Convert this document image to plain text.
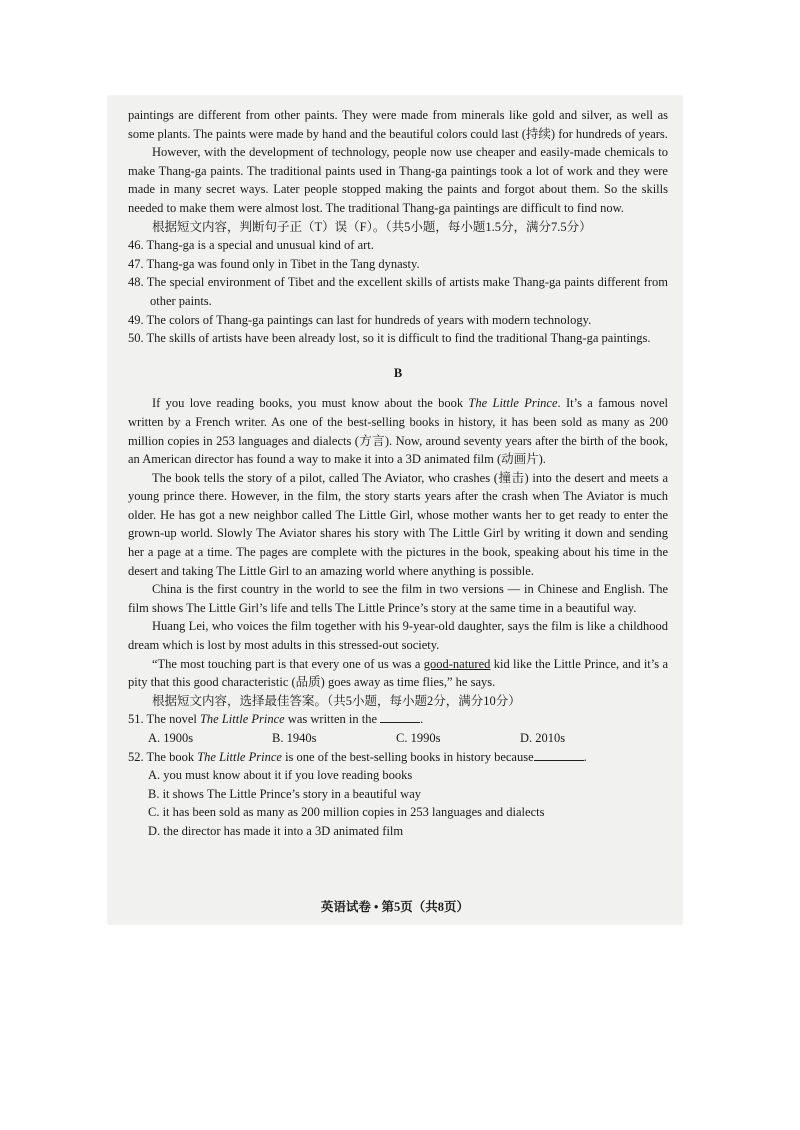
paintings are different from other paints. They were made from minerals like gold and silver, as well as some plants. The paints were made by hand and the beautiful colors could last (持续) for hundreds of years.

However, with the development of technology, people now use cheaper and easily-made chemicals to make Thang-ga paints. The traditional paints used in Thang-ga paintings took a lot of work and they were made in many secret ways. Later people stopped making the paints and forgot about them. So the skills needed to make them were almost lost. The traditional Thang-ga paintings are difficult to find now.

根据短文内容，判断句子正（T）误（F）。（共5小题，每小题1.5分，满分7.5分）

46. Thang-ga is a special and unusual kind of art.

47. Thang-ga was found only in Tibet in the Tang dynasty.

48. The special environment of Tibet and the excellent skills of artists make Thang-ga paints different from other paints.

49. The colors of Thang-ga paintings can last for hundreds of years with modern technology.

50. The skills of artists have been already lost, so it is difficult to find the traditional Thang-ga paintings.

B

If you love reading books, you must know about the book The Little Prince. It’s a famous novel written by a French writer. As one of the best-selling books in history, it has been sold as many as 200 million copies in 253 languages and dialects (方言). Now, around seventy years after the birth of the book, an American director has found a way to make it into a 3D animated film (动画片).

The book tells the story of a pilot, called The Aviator, who crashes (撞击) into the desert and meets a young prince there. However, in the film, the story starts years after the crash when The Aviator is much older. He has got a new neighbor called The Little Girl, whose mother wants her to get ready to enter the grown-up world. Slowly The Aviator shares his story with The Little Girl by writing it down and sending her a page at a time. The pages are complete with the pictures in the book, speaking about his time in the desert and taking The Little Girl to an amazing world where anything is possible.

China is the first country in the world to see the film in two versions — in Chinese and English. The film shows The Little Girl’s life and tells The Little Prince’s story at the same time in a beautiful way.

Huang Lei, who voices the film together with his 9-year-old daughter, says the film is like a childhood dream which is lost by most adults in this stressed-out society.

“The most touching part is that every one of us was a good-natured kid like the Little Prince, and it’s a pity that this good characteristic (品质) goes away as time flies,” he says.

根据短文内容，选择最佳答案。（共5小题，每小题2分，满分10分）

51. The novel The Little Prince was written in the	.

A. 1900s	B. 1940s	C. 1990s	D. 2010s

52. The book The Little Prince is one of the best-selling books in history because	.

A. you must know about it if you love reading books

B. it shows The Little Prince’s story in a beautiful way

C. it has been sold as many as 200 million copies in 253 languages and dialects

D. the director has made it into a 3D animated film

英语试卷 • 第5页（共8页）
